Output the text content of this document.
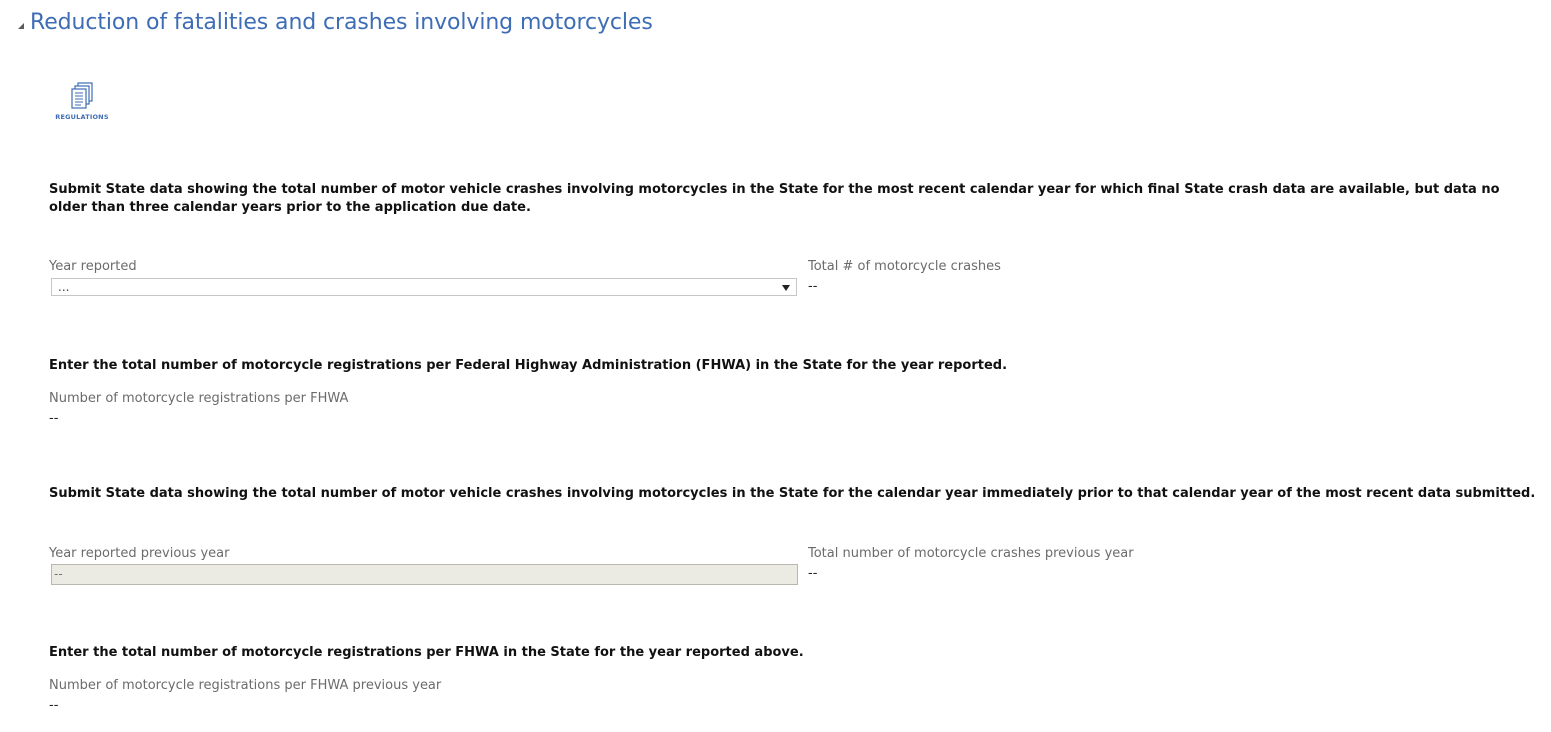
Reduction of fatalities and crashes involving motorcycles
REGULATIONS
Submit State data showing the total number of motor vehicle crashes involving motorcycles in the State for the most recent calendar year for which final State crash data are available, but data no older than three calendar years prior to the application due date.
Year reported
...
Total # of motorcycle crashes
--
Enter the total number of motorcycle registrations per Federal Highway Administration (FHWA) in the State for the year reported.
Number of motorcycle registrations per FHWA
--
Submit State data showing the total number of motor vehicle crashes involving motorcycles in the State for the calendar year immediately prior to that calendar year of the most recent data submitted.
Year reported previous year
--
Total number of motorcycle crashes previous year
--
Enter the total number of motorcycle registrations per FHWA in the State for the year reported above.
Number of motorcycle registrations per FHWA previous year
--
